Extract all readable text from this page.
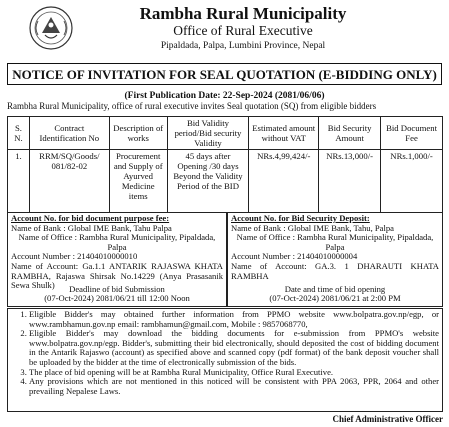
Rambha Rural Municipality
Office of Rural Executive
Pipaldada, Palpa, Lumbini Province, Nepal
NOTICE OF INVITATION FOR SEAL QUOTATION (E-BIDDING ONLY)
(First Publication Date: 22-Sep-2024 (2081/06/06)
Rambha Rural Municipality, office of rural executive invites Seal quotation (SQ) from eligible bidders
S. N.	Contract Identification No	Description of works	Bid Validity period/Bid security Validity	Estimated amount without VAT	Bid Security Amount	Bid Document Fee
1.	RRM/SQ/Goods/ 081/82-02	Procurement and Supply of Ayurved Medicine items	45 days after Opening /30 days Beyond the Validity Period of the BID	NRs.4,99,424/-	NRs.13,000/-	NRs.1,000/-
Account No. for bid document purpose fee:
Name of Bank : Global IME Bank, Tahu Palpa
Name of Office : Rambha Rural Municipality, Pipaldada, Palpa
Account Number : 21404010000010
Name of Account: Ga.1.1 ANTARIK RAJASWA KHATA RAMBHA, Rajaswa Shirsak No.14229 (Anya Prasasanik Sewa Shulk)	Deadline of bid Submission
(07-Oct-2024) 2081/06/21 till 12:00 Noon
Account No. for Bid Security Deposit:
Name of Bank : Global IME Bank, Tahu, Palpa
Name of Office : Rambha Rural Municipality, Pipaldada, Palpa
Account Number : 21404010000004
Name of Account: GA.3. 1 DHARAUTI KHATA RAMBHA
Date and time of bid opening
(07-Oct-2024) 2081/06/21 at 2:00 PM
1. Eligible Bidder's may obtained further information from PPMO website www.bolpatra.gov.np/egp, or www.rambhamun.gov.np email: rambhamun@gmail.com, Mobile : 9857068770,
2. Eligible Bidder's may download the bidding documents for e-submission from PPMO's website www.bolpatra.gov.np/egp. Bidder's, submitting their bid electronically, should deposited the cost of bidding document in the Antarik Rajaswo (account) as specified above and scanned copy (pdf format) of the bank deposit voucher shall be uploaded by the bidder at the time of electronically submission of the bids.
3. The place of bid opening will be at Rambha Rural Municipality, Office Rural Executive.
4. Any provisions which are not mentioned in this noticed will be consistent with PPA 2063, PPR, 2064 and other prevailing Nepalese Laws.
Chief Administrative Officer
